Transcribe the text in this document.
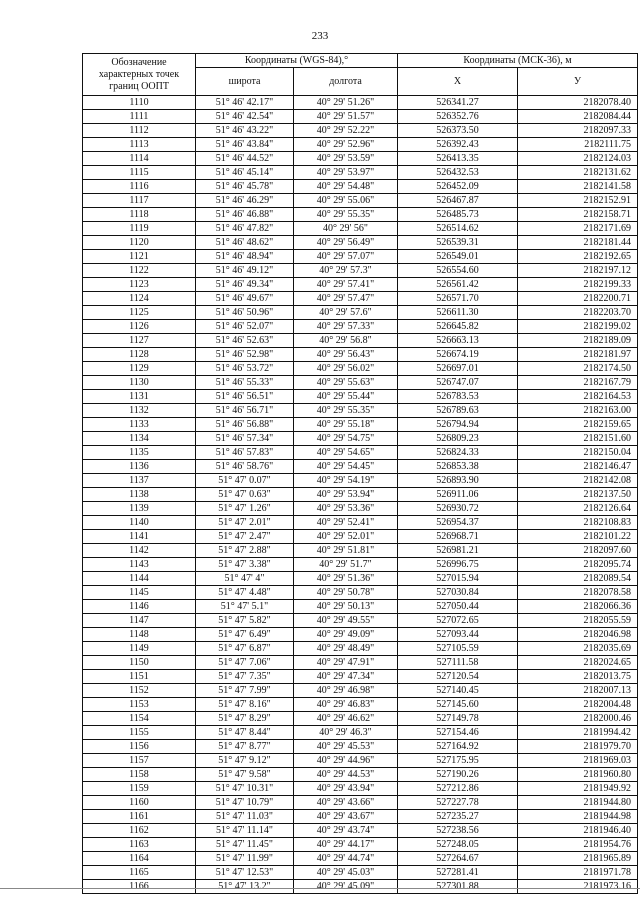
233
Обозначение характерных точек границ ООПТ	Координаты (WGS-84),°		Координаты (МСК-36), м	
	широта	долгота	X	У
1110	51° 46' 42.17"	40° 29' 51.26"	526341.27	2182078.40
1111	51° 46' 42.54"	40° 29' 51.57"	526352.76	2182084.44
1112	51° 46' 43.22"	40° 29' 52.22"	526373.50	2182097.33
1113	51° 46' 43.84"	40° 29' 52.96"	526392.43	2182111.75
1114	51° 46' 44.52"	40° 29' 53.59"	526413.35	2182124.03
1115	51° 46' 45.14"	40° 29' 53.97"	526432.53	2182131.62
1116	51° 46' 45.78"	40° 29' 54.48"	526452.09	2182141.58
1117	51° 46' 46.29"	40° 29' 55.06"	526467.87	2182152.91
1118	51° 46' 46.88"	40° 29' 55.35"	526485.73	2182158.71
1119	51° 46' 47.82"	40° 29' 56"	526514.62	2182171.69
1120	51° 46' 48.62"	40° 29' 56.49"	526539.31	2182181.44
1121	51° 46' 48.94"	40° 29' 57.07"	526549.01	2182192.65
1122	51° 46' 49.12"	40° 29' 57.3"	526554.60	2182197.12
1123	51° 46' 49.34"	40° 29' 57.41"	526561.42	2182199.33
1124	51° 46' 49.67"	40° 29' 57.47"	526571.70	2182200.71
1125	51° 46' 50.96"	40° 29' 57.6"	526611.30	2182203.70
1126	51° 46' 52.07"	40° 29' 57.33"	526645.82	2182199.02
1127	51° 46' 52.63"	40° 29' 56.8"	526663.13	2182189.09
1128	51° 46' 52.98"	40° 29' 56.43"	526674.19	2182181.97
1129	51° 46' 53.72"	40° 29' 56.02"	526697.01	2182174.50
1130	51° 46' 55.33"	40° 29' 55.63"	526747.07	2182167.79
1131	51° 46' 56.51"	40° 29' 55.44"	526783.53	2182164.53
1132	51° 46' 56.71"	40° 29' 55.35"	526789.63	2182163.00
1133	51° 46' 56.88"	40° 29' 55.18"	526794.94	2182159.65
1134	51° 46' 57.34"	40° 29' 54.75"	526809.23	2182151.60
1135	51° 46' 57.83"	40° 29' 54.65"	526824.33	2182150.04
1136	51° 46' 58.76"	40° 29' 54.45"	526853.38	2182146.47
1137	51° 47' 0.07"	40° 29' 54.19"	526893.90	2182142.08
1138	51° 47' 0.63"	40° 29' 53.94"	526911.06	2182137.50
1139	51° 47' 1.26"	40° 29' 53.36"	526930.72	2182126.64
1140	51° 47' 2.01"	40° 29' 52.41"	526954.37	2182108.83
1141	51° 47' 2.47"	40° 29' 52.01"	526968.71	2182101.22
1142	51° 47' 2.88"	40° 29' 51.81"	526981.21	2182097.60
1143	51° 47' 3.38"	40° 29' 51.7"	526996.75	2182095.74
1144	51° 47' 4"	40° 29' 51.36"	527015.94	2182089.54
1145	51° 47' 4.48"	40° 29' 50.78"	527030.84	2182078.58
1146	51° 47' 5.1"	40° 29' 50.13"	527050.44	2182066.36
1147	51° 47' 5.82"	40° 29' 49.55"	527072.65	2182055.59
1148	51° 47' 6.49"	40° 29' 49.09"	527093.44	2182046.98
1149	51° 47' 6.87"	40° 29' 48.49"	527105.59	2182035.69
1150	51° 47' 7.06"	40° 29' 47.91"	527111.58	2182024.65
1151	51° 47' 7.35"	40° 29' 47.34"	527120.54	2182013.75
1152	51° 47' 7.99"	40° 29' 46.98"	527140.45	2182007.13
1153	51° 47' 8.16"	40° 29' 46.83"	527145.60	2182004.48
1154	51° 47' 8.29"	40° 29' 46.62"	527149.78	2182000.46
1155	51° 47' 8.44"	40° 29' 46.3"	527154.46	2181994.42
1156	51° 47' 8.77"	40° 29' 45.53"	527164.92	2181979.70
1157	51° 47' 9.12"	40° 29' 44.96"	527175.95	2181969.03
1158	51° 47' 9.58"	40° 29' 44.53"	527190.26	2181960.80
1159	51° 47' 10.31"	40° 29' 43.94"	527212.86	2181949.92
1160	51° 47' 10.79"	40° 29' 43.66"	527227.78	2181944.80
1161	51° 47' 11.03"	40° 29' 43.67"	527235.27	2181944.98
1162	51° 47' 11.14"	40° 29' 43.74"	527238.56	2181946.40
1163	51° 47' 11.45"	40° 29' 44.17"	527248.05	2181954.76
1164	51° 47' 11.99"	40° 29' 44.74"	527264.67	2181965.89
1165	51° 47' 12.53"	40° 29' 45.03"	527281.41	2181971.78
1166	51° 47' 13.2"	40° 29' 45.09"	527301.88	2181973.16
